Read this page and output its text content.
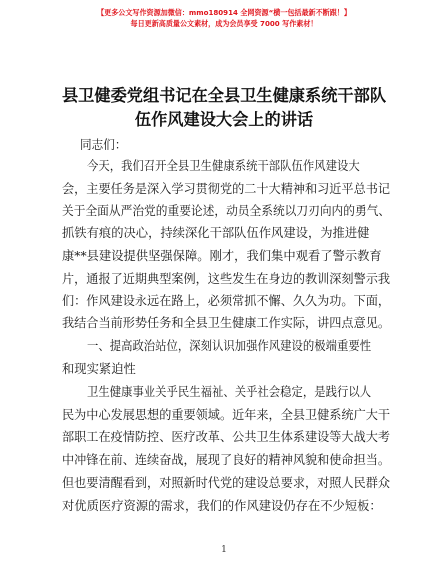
【更多公文写作资源加微信：mmo180914 全网资源“横一包括最新不断跟！】
每日更新高质量公文素材，成为会员享受 7000 写作素材！
县卫健委党组书记在全县卫生健康系统干部队
伍作风建设大会上的讲话
同志们：
今天，我们召开全县卫生健康系统干部队伍作风建设大
会，主要任务是深入学习贯彻党的二十大精神和习近平总书记
关于全面从严治党的重要论述，动员全系统以刀刃向内的勇气、
抓铁有痕的决心，持续深化干部队伍作风建设，为推进健
康**县建设提供坚强保障。刚才，我们集中观看了警示教育
片，通报了近期典型案例，这些发生在身边的教训深刻警示我
们：作风建设永远在路上，必须常抓不懈、久久为功。下面，
我结合当前形势任务和全县卫生健康工作实际，讲四点意见。
一、提高政治站位，深刻认识加强作风建设的极端重要性
和现实紧迫性
卫生健康事业关乎民生福祉、关乎社会稳定，是践行以人
民为中心发展思想的重要领域。近年来，全县卫健系统广大干
部职工在疫情防控、医疗改革、公共卫生体系建设等大战大考
中冲锋在前、连续奋战，展现了良好的精神风貌和使命担当。
但也要清醒看到，对照新时代党的建设总要求，对照人民群众
对优质医疗资源的需求，我们的作风建设仍存在不少短板：
1
